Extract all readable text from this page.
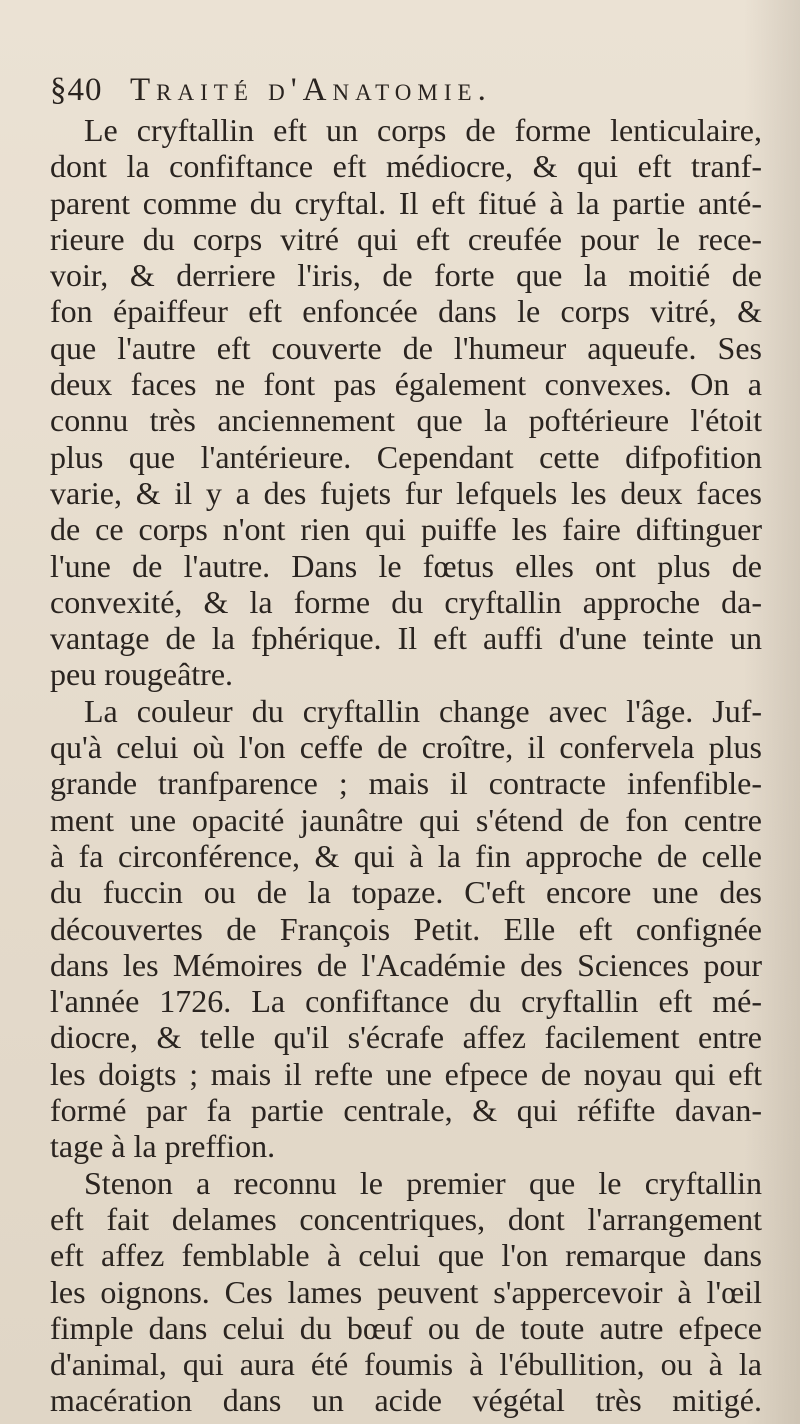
§40 Traité d'Anatomie.
Le cryftallin eft un corps de forme lenticulaire,
dont la confiftance eft médiocre, & qui eft tranf-
parent comme du cryftal. Il eft fitué à la partie anté-
rieure du corps vitré qui eft creufée pour le rece-
voir, & derriere l'iris, de forte que la moitié de
fon épaiffeur eft enfoncée dans le corps vitré, &
que l'autre eft couverte de l'humeur aqueufe. Ses
deux faces ne font pas également convexes. On a
connu très anciennement que la poftérieure l'étoit
plus que l'antérieure. Cependant cette difpofition
varie, & il y a des fujets fur lefquels les deux faces
de ce corps n'ont rien qui puiffe les faire diftinguer
l'une de l'autre. Dans le fœtus elles ont plus de
convexité, & la forme du cryftallin approche da-
vantage de la fphérique. Il eft auffi d'une teinte un
peu rougeâtre.
La couleur du cryftallin change avec l'âge. Juf-
qu'à celui où l'on ceffe de croître, il confervela plus
grande tranfparence ; mais il contracte infenfible-
ment une opacité jaunâtre qui s'étend de fon centre
à fa circonférence, & qui à la fin approche de celle
du fuccin ou de la topaze. C'eft encore une des
découvertes de François Petit. Elle eft confignée
dans les Mémoires de l'Académie des Sciences pour
l'année 1726. La confiftance du cryftallin eft mé-
diocre, & telle qu'il s'écrafe affez facilement entre
les doigts ; mais il refte une efpece de noyau qui eft
formé par fa partie centrale, & qui réfifte davan-
tage à la preffion.
Stenon a reconnu le premier que le cryftallin
eft fait delames concentriques, dont l'arrangement
eft affez femblable à celui que l'on remarque dans
les oignons. Ces lames peuvent s'appercevoir à l'œil
fimple dans celui du bœuf ou de toute autre efpece
d'animal, qui aura été foumis à l'ébullition, ou à la
macération dans un acide végétal très mitigé.
